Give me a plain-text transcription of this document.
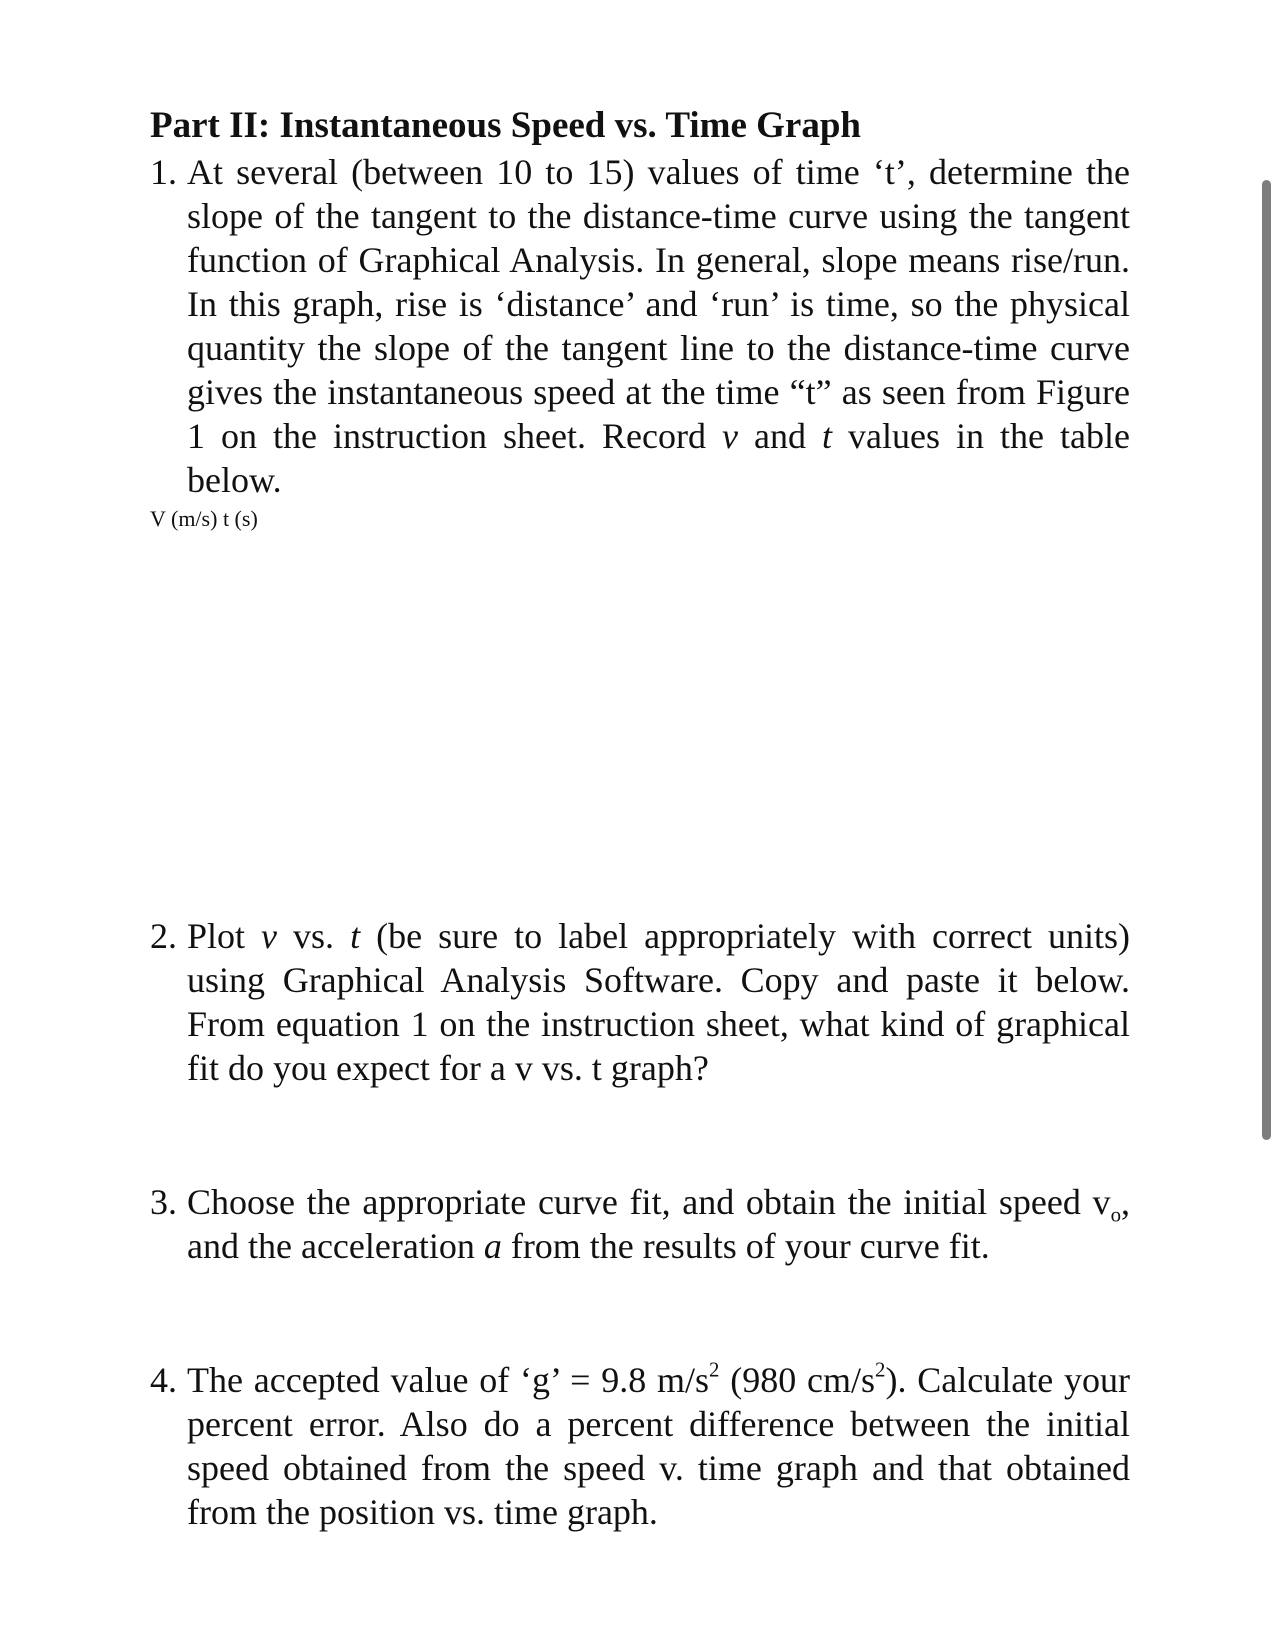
Part II: Instantaneous Speed vs. Time Graph
1. At several (between 10 to 15) values of time ‘t’, determine the slope of the tangent to the distance-time curve using the tangent function of Graphical Analysis. In general, slope means rise/run. In this graph, rise is ‘distance’ and ‘run’ is time, so the physical quantity the slope of the tangent line to the distance-time curve gives the instantaneous speed at the time “t” as seen from Figure 1 on the instruction sheet. Record v and t values in the table below.
V (m/s) t (s)
2. Plot v vs. t (be sure to label appropriately with correct units) using Graphical Analysis Software. Copy and paste it below. From equation 1 on the instruction sheet, what kind of graphical fit do you expect for a v vs. t graph?
3. Choose the appropriate curve fit, and obtain the initial speed $v_o$, and the acceleration a from the results of your curve fit.
4. The accepted value of ‘g’ = 9.8 $m/s^2$ (980 $cm/s^2$). Calculate your percent error. Also do a percent difference between the initial speed obtained from the speed v. time graph and that obtained from the position vs. time graph.
